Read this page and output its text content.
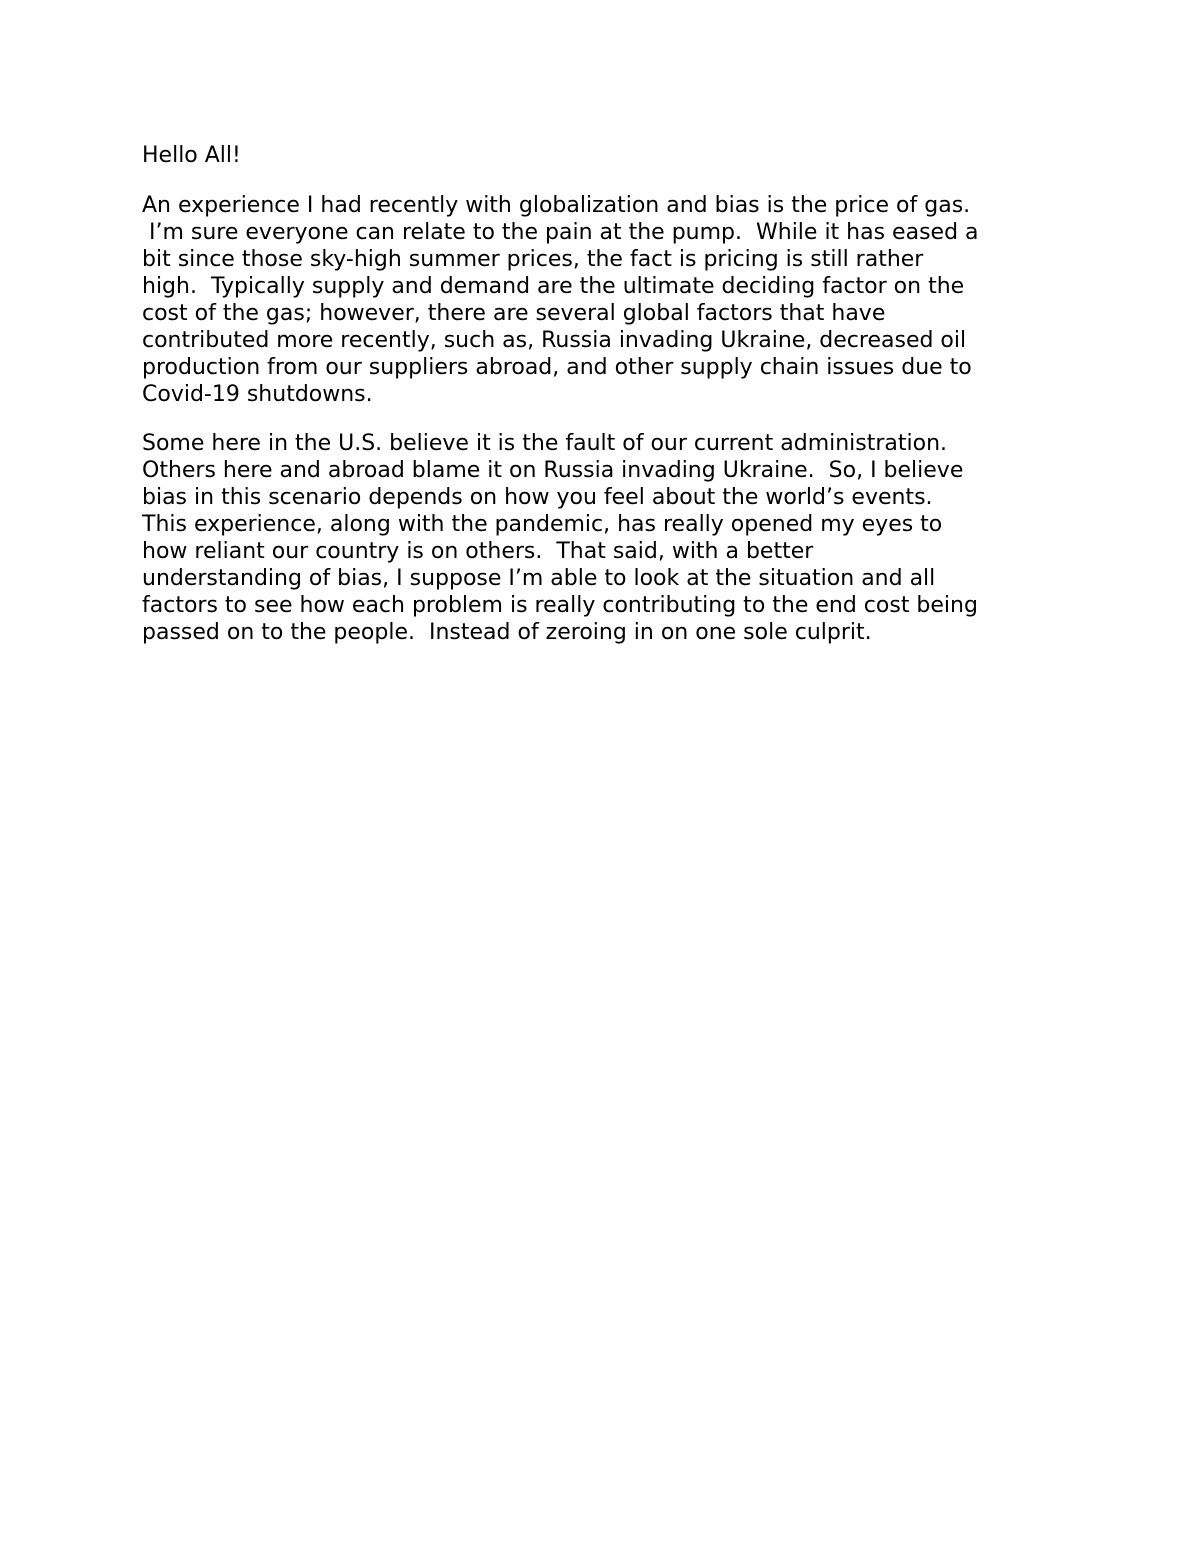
Hello All!

An experience I had recently with globalization and bias is the price of gas.
I’m sure everyone can relate to the pain at the pump.  While it has eased a
bit since those sky-high summer prices, the fact is pricing is still rather
high.  Typically supply and demand are the ultimate deciding factor on the
cost of the gas; however, there are several global factors that have
contributed more recently, such as, Russia invading Ukraine, decreased oil
production from our suppliers abroad, and other supply chain issues due to
Covid-19 shutdowns.
Some here in the U.S. believe it is the fault of our current administration.
Others here and abroad blame it on Russia invading Ukraine.  So, I believe
bias in this scenario depends on how you feel about the world’s events.
This experience, along with the pandemic, has really opened my eyes to
how reliant our country is on others.  That said, with a better
understanding of bias, I suppose I’m able to look at the situation and all
factors to see how each problem is really contributing to the end cost being
passed on to the people.  Instead of zeroing in on one sole culprit.
